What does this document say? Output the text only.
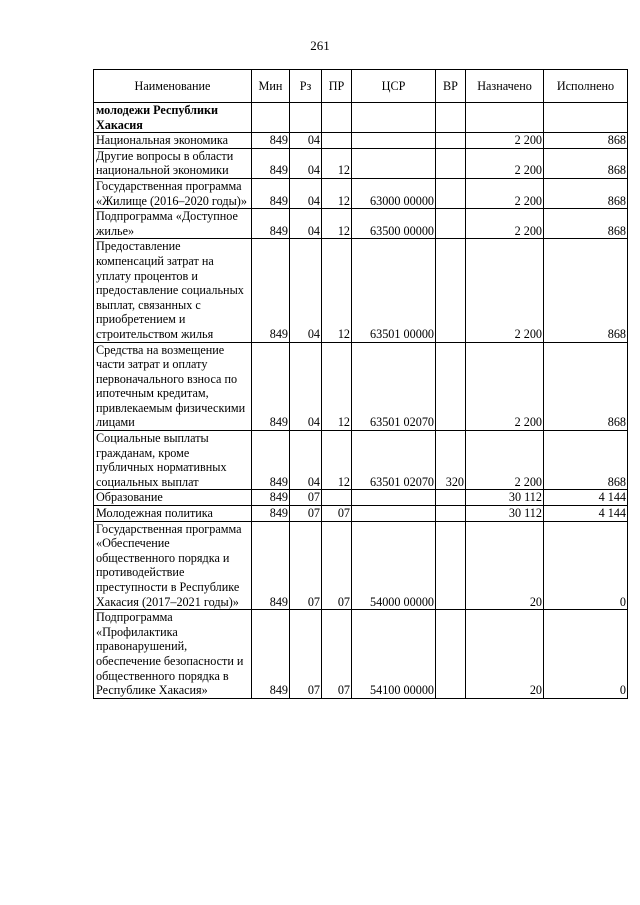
261
Наименование	Мин	Рз	ПР	ЦСР	ВР	Назначено	Исполнено
молодежи Республики Хакасия							
Национальная экономика	849	04				2 200	868
Другие вопросы в области национальной экономики	849	04	12			2 200	868
Государственная программа «Жилище (2016–2020 годы)»	849	04	12	63000 00000		2 200	868
Подпрограмма «Доступное жилье»	849	04	12	63500 00000		2 200	868
Предоставление компенсаций затрат на уплату процентов и предоставление социальных выплат, связанных с приобретением и строительством жилья	849	04	12	63501 00000		2 200	868
Средства на возмещение части затрат и оплату первоначального взноса по ипотечным кредитам, привлекаемым физическими лицами	849	04	12	63501 02070		2 200	868
Социальные выплаты гражданам, кроме публичных нормативных социальных выплат	849	04	12	63501 02070	320	2 200	868
Образование	849	07				30 112	4 144
Молодежная политика	849	07	07			30 112	4 144
Государственная программа «Обеспечение общественного порядка и противодействие преступности в Республике Хакасия (2017–2021 годы)»	849	07	07	54000 00000		20	0
Подпрограмма «Профилактика правонарушений, обеспечение безопасности и общественного порядка в Республике Хакасия»	849	07	07	54100 00000		20	0
